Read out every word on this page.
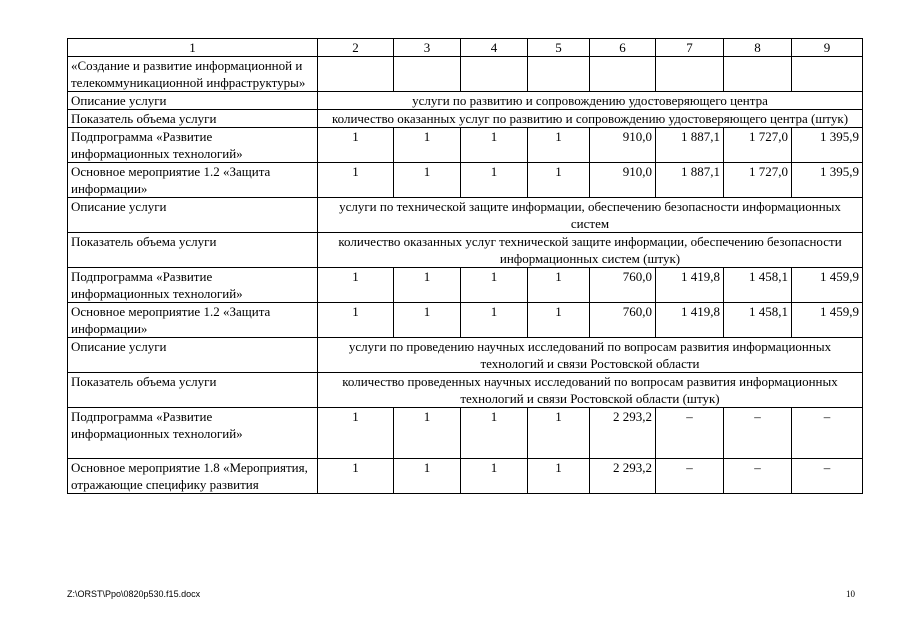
1	2	3	4	5	6	7	8	9
«Создание и развитие информационной и телекоммуникационной инфраструктуры»								
Описание услуги	услуги по развитию и сопровождению удостоверяющего центра							
Показатель объема услуги	количество оказанных услуг по развитию и сопровождению удостоверяющего центра (штук)							
Подпрограмма «Развитие информационных технологий»	1	1	1	1	910,0	1 887,1	1 727,0	1 395,9
Основное мероприятие 1.2 «Защита информации»	1	1	1	1	910,0	1 887,1	1 727,0	1 395,9
Описание услуги	услуги по технической защите информации, обеспечению безопасности информационных систем							
Показатель объема услуги	количество оказанных услуг технической защите информации, обеспечению безопасности информационных систем (штук)							
Подпрограмма «Развитие информационных технологий»	1	1	1	1	760,0	1 419,8	1 458,1	1 459,9
Основное мероприятие 1.2 «Защита информации»	1	1	1	1	760,0	1 419,8	1 458,1	1 459,9
Описание услуги	услуги по проведению научных исследований по вопросам развития информационных технологий и связи Ростовской области							
Показатель объема услуги	количество проведенных научных исследований по вопросам развития информационных технологий и связи Ростовской области (штук)							
Подпрограмма «Развитие информационных технологий»	1	1	1	1	2 293,2	–	–	–
Основное мероприятие 1.8 «Мероприятия, отражающие специфику развития	1	1	1	1	2 293,2	–	–	–
Z:\ORST\Ppo\0820p530.f15.docx	10
